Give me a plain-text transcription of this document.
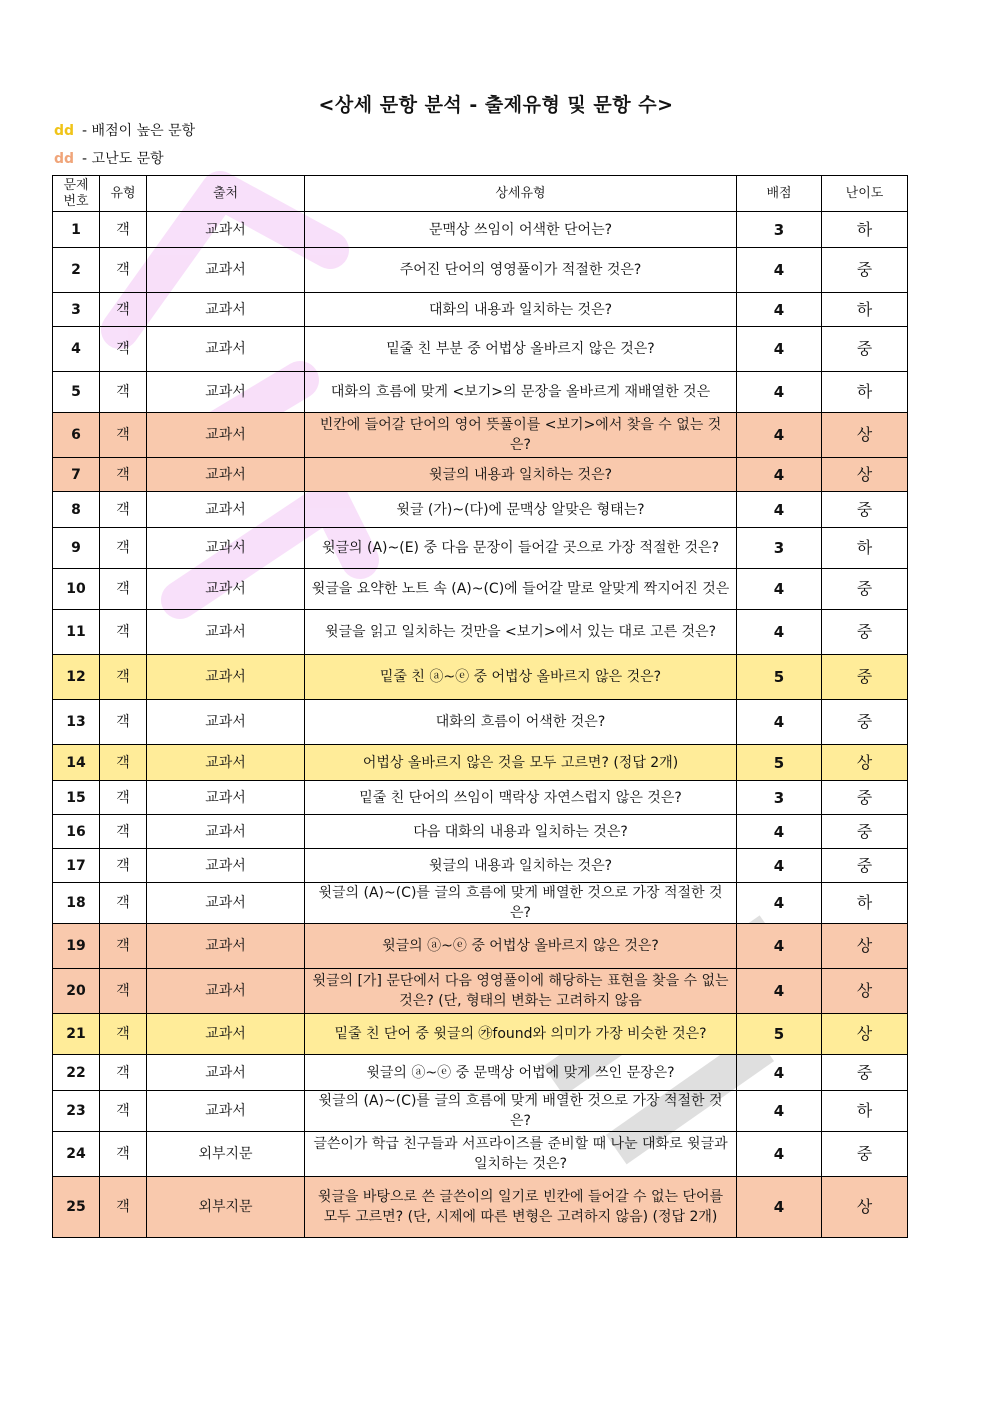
<상세 문항 분석 - 출제유형 및 문항 수>
dd - 배점이 높은 문항
dd - 고난도 문항
문제
번호	유형	출처	상세유형	배점	난이도
1	객	교과서	문맥상 쓰임이 어색한 단어는?	3	하
2	객	교과서	주어진 단어의 영영풀이가 적절한 것은?	4	중
3	객	교과서	대화의 내용과 일치하는 것은?	4	하
4	객	교과서	밑줄 친 부분 중 어법상 올바르지 않은 것은?	4	중
5	객	교과서	대화의 흐름에 맞게 <보기>의 문장을 올바르게 재배열한 것은	4	하
6	객	교과서	빈칸에 들어갈 단어의 영어 뜻풀이를 <보기>에서 찾을 수 없는 것은?	4	상
7	객	교과서	윗글의 내용과 일치하는 것은?	4	상
8	객	교과서	윗글 (가)~(다)에 문맥상 알맞은 형태는?	4	중
9	객	교과서	윗글의 (A)~(E) 중 다음 문장이 들어갈 곳으로 가장 적절한 것은?	3	하
10	객	교과서	윗글을 요약한 노트 속 (A)~(C)에 들어갈 말로 알맞게 짝지어진 것은	4	중
11	객	교과서	윗글을 읽고 일치하는 것만을 <보기>에서 있는 대로 고른 것은?	4	중
12	객	교과서	밑줄 친 ⓐ~ⓔ 중 어법상 올바르지 않은 것은?	5	중
13	객	교과서	대화의 흐름이 어색한 것은?	4	중
14	객	교과서	어법상 올바르지 않은 것을 모두 고르면? (정답 2개)	5	상
15	객	교과서	밑줄 친 단어의 쓰임이 맥락상 자연스럽지 않은 것은?	3	중
16	객	교과서	다음 대화의 내용과 일치하는 것은?	4	중
17	객	교과서	윗글의 내용과 일치하는 것은?	4	중
18	객	교과서	윗글의 (A)~(C)를 글의 흐름에 맞게 배열한 것으로 가장 적절한 것은?	4	하
19	객	교과서	윗글의 ⓐ~ⓔ 중 어법상 올바르지 않은 것은?	4	상
20	객	교과서	윗글의 [가] 문단에서 다음 영영풀이에 해당하는 표현을 찾을 수 없는 것은? (단, 형태의 변화는 고려하지 않음	4	상
21	객	교과서	밑줄 친 단어 중 윗글의 ㉮found와 의미가 가장 비슷한 것은?	5	상
22	객	교과서	윗글의 ⓐ~ⓔ 중 문맥상 어법에 맞게 쓰인 문장은?	4	중
23	객	교과서	윗글의 (A)~(C)를 글의 흐름에 맞게 배열한 것으로 가장 적절한 것은?	4	하
24	객	외부지문	글쓴이가 학급 친구들과 서프라이즈를 준비할 때 나눈 대화로 윗글과 일치하는 것은?	4	중
25	객	외부지문	윗글을 바탕으로 쓴 글쓴이의 일기로 빈칸에 들어갈 수 없는 단어를 모두 고르면? (단, 시제에 따른 변형은 고려하지 않음) (정답 2개)	4	상
